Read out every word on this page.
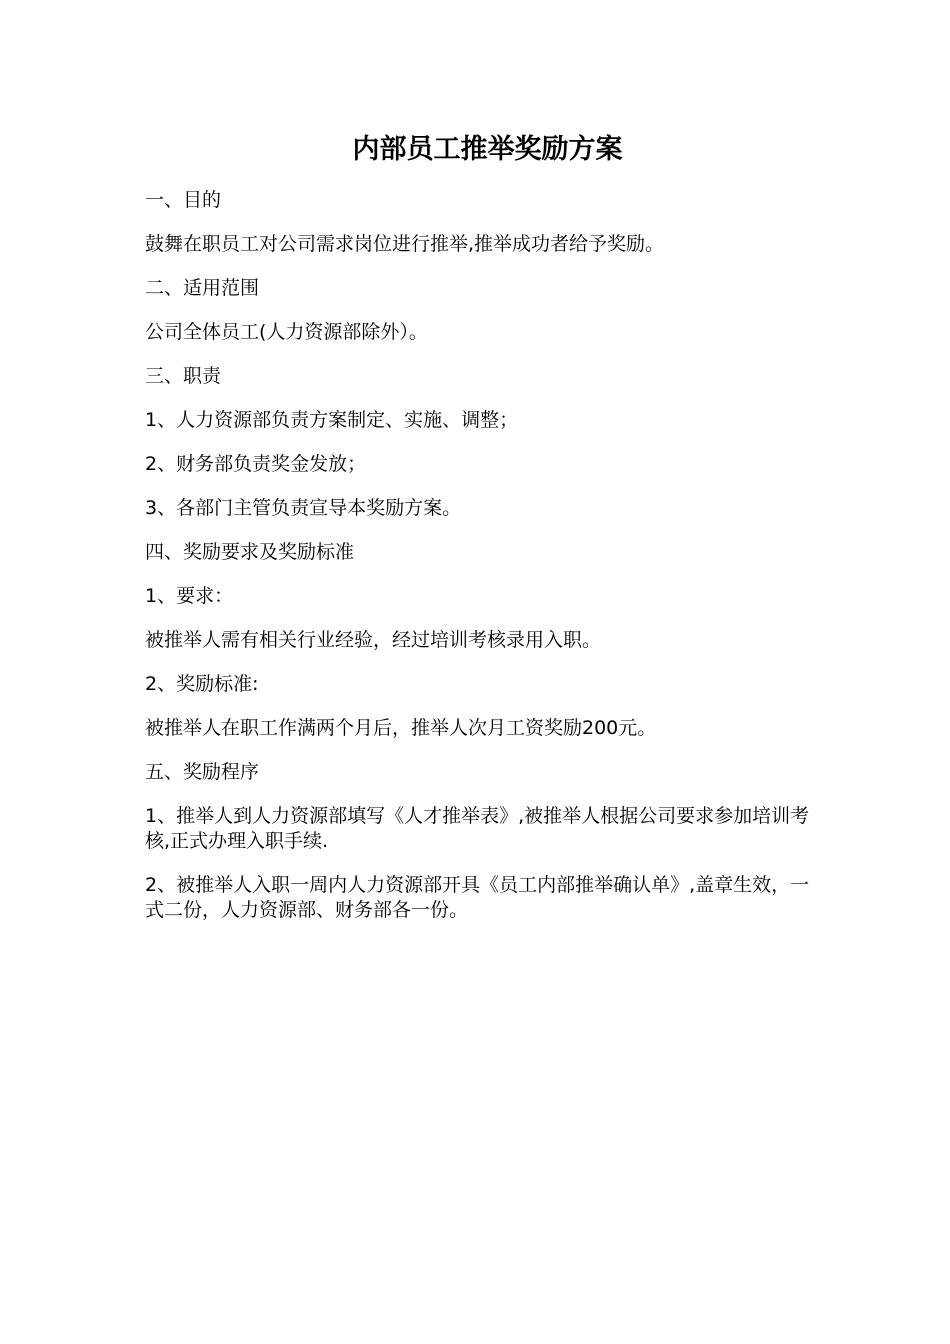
内部员工推举奖励方案

一、目的

鼓舞在职员工对公司需求岗位进行推举,推举成功者给予奖励。

二、适用范围

公司全体员工(人力资源部除外）。

三、职责

1、人力资源部负责方案制定、实施、调整；

2、财务部负责奖金发放；

3、各部门主管负责宣导本奖励方案。

四、奖励要求及奖励标准

1、要求：

被推举人需有相关行业经验，经过培训考核录用入职。

2、奖励标准:

被推举人在职工作满两个月后，推举人次月工资奖励200元。

五、奖励程序

1、推举人到人力资源部填写《人才推举表》,被推举人根据公司要求参加培训考核,正式办理入职手续.

2、被推举人入职一周内人力资源部开具《员工内部推举确认单》,盖章生效，一式二份，人力资源部、财务部各一份。
